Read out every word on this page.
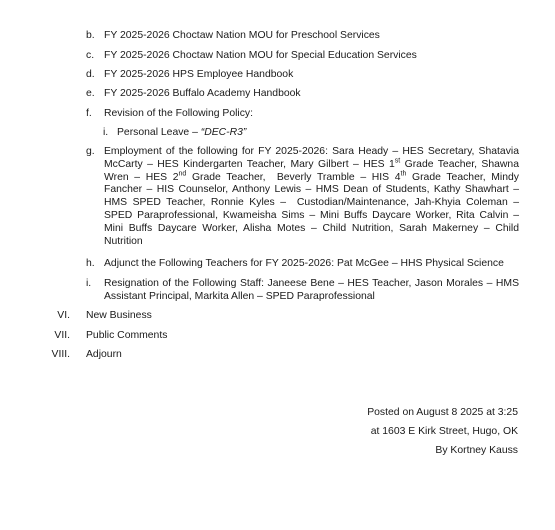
b. FY 2025-2026 Choctaw Nation MOU for Preschool Services
c. FY 2025-2026 Choctaw Nation MOU for Special Education Services
d. FY 2025-2026 HPS Employee Handbook
e. FY 2025-2026 Buffalo Academy Handbook
f.	Revision of the Following Policy:
i. Personal Leave – “DEC-R3”
g. Employment of the following for FY 2025-2026: Sara Heady – HES Secretary, Shatavia
McCarty – HES Kindergarten Teacher, Mary Gilbert – HES 1st Grade Teacher, Shawna
Wren – HES 2nd Grade Teacher,  Beverly Tramble – HIS 4th Grade Teacher, Mindy
Fancher – HIS Counselor, Anthony Lewis – HMS Dean of Students, Kathy Shawhart –
HMS SPED Teacher, Ronnie Kyles –  Custodian/Maintenance, Jah-Khyia Coleman –
SPED Paraprofessional, Kwameisha Sims – Mini Buffs Daycare Worker, Rita Calvin –
Mini Buffs Daycare Worker, Alisha Motes – Child Nutrition, Sarah Makerney – Child
Nutrition
h. Adjunct the Following Teachers for FY 2025-2026: Pat McGee – HHS Physical Science
i.	Resignation of the Following Staff: Janeese Bene – HES Teacher, Jason Morales – HMS
Assistant Principal, Markita Allen – SPED Paraprofessional
VI. New Business
VII. Public Comments
VIII. Adjourn
Posted on August 8 2025 at 3:25
at 1603 E Kirk Street, Hugo, OK
By Kortney Kauss
